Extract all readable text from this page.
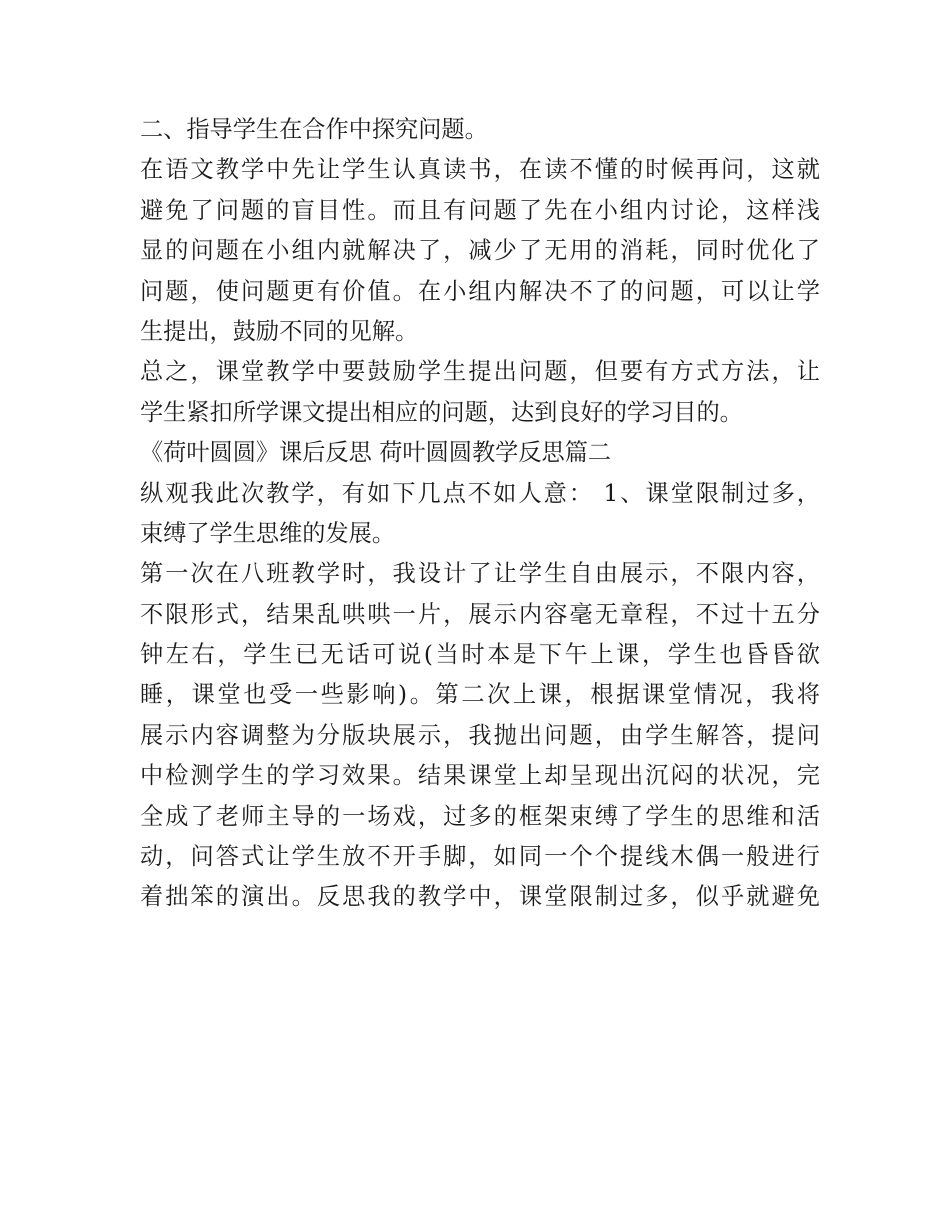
二、指导学生在合作中探究问题。
在语文教学中先让学生认真读书，在读不懂的时候再问，这就
避免了问题的盲目性。而且有问题了先在小组内讨论，这样浅
显的问题在小组内就解决了，减少了无用的消耗，同时优化了
问题，使问题更有价值。在小组内解决不了的问题，可以让学
生提出，鼓励不同的见解。
总之，课堂教学中要鼓励学生提出问题，但要有方式方法，让
学生紧扣所学课文提出相应的问题，达到良好的学习目的。
《荷叶圆圆》课后反思 荷叶圆圆教学反思篇二
纵观我此次教学，有如下几点不如人意： 1、课堂限制过多，
束缚了学生思维的发展。
第一次在八班教学时，我设计了让学生自由展示，不限内容，
不限形式，结果乱哄哄一片，展示内容毫无章程，不过十五分
钟左右，学生已无话可说(当时本是下午上课，学生也昏昏欲
睡，课堂也受一些影响)。第二次上课，根据课堂情况，我将
展示内容调整为分版块展示，我抛出问题，由学生解答，提问
中检测学生的学习效果。结果课堂上却呈现出沉闷的状况，完
全成了老师主导的一场戏，过多的框架束缚了学生的思维和活
动，问答式让学生放不开手脚，如同一个个提线木偶一般进行
着拙笨的演出。反思我的教学中，课堂限制过多，似乎就避免
